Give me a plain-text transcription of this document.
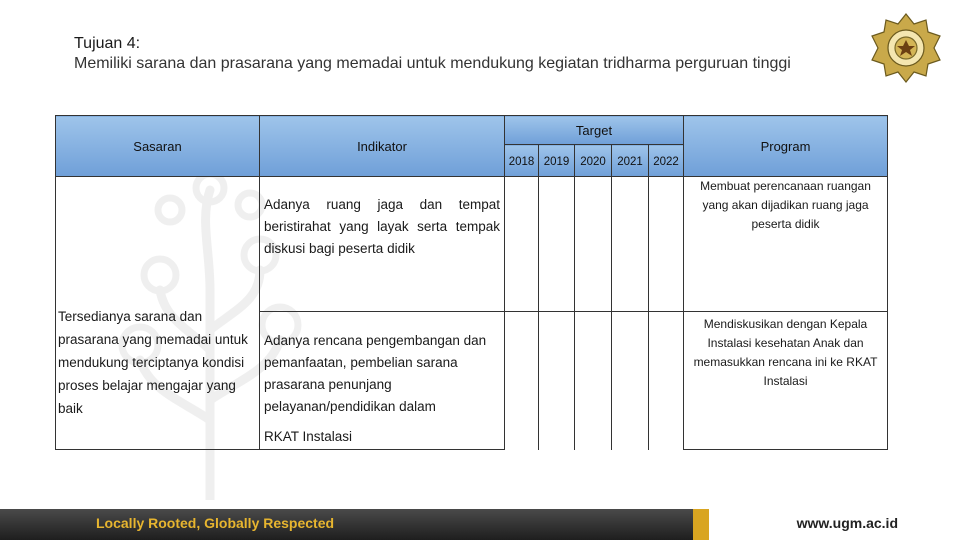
Tujuan 4:
Memiliki sarana dan prasarana yang memadai untuk mendukung kegiatan tridharma perguruan tinggi
Sasaran	Indikator	Target					Program
		2018	2019	2020	2021	2022	

Tersedianya sarana dan prasarana yang memadai untuk mendukung terciptanya kondisi proses belajar mengajar yang baik	Adanya ruang jaga dan tempat beristirahat yang layak serta tempak diskusi bagi peserta didik						Membuat perencanaan ruangan yang akan dijadikan ruang jaga peserta didik

	Adanya rencana pengembangan dan pemanfaatan, pembelian sarana prasarana penunjang pelayanan/pendidikan dalam
RKAT Instalasi						Mendiskusikan dengan Kepala Instalasi kesehatan Anak dan memasukkan rencana ini ke RKAT Instalasi
Locally Rooted, Globally Respected	www.ugm.ac.id
